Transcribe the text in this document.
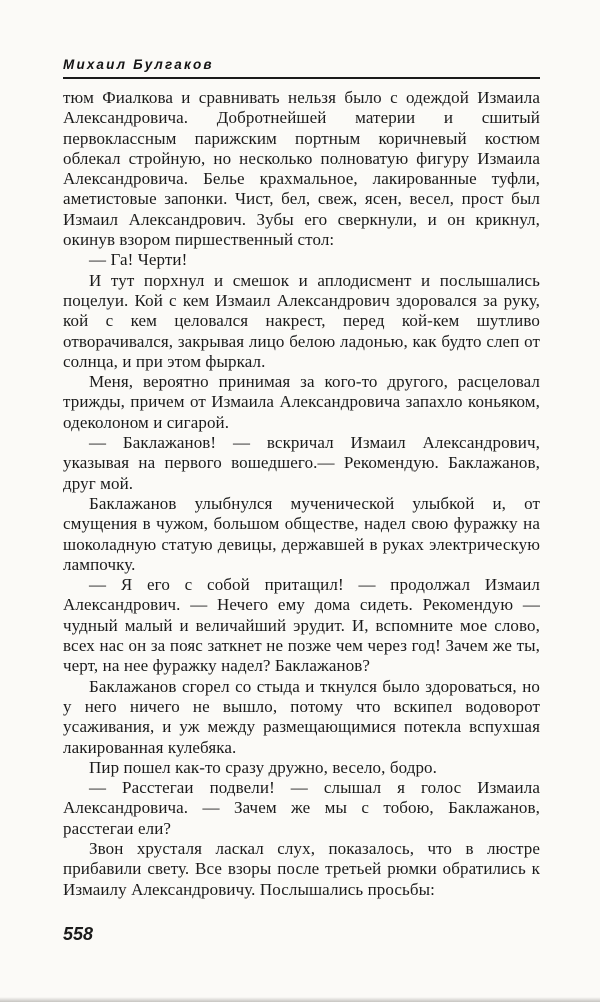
Михаил Булгаков

тюм Фиалкова и сравнивать нельзя было с одеждой Измаила Александровича. Добротнейшей материи и сшитый первоклассным парижским портным коричневый костюм облекал стройную, но несколько полноватую фигуру Измаила Александровича. Белье крахмальное, лакированные туфли, аметистовые запонки. Чист, бел, свеж, ясен, весел, прост был Измаил Александрович. Зубы его сверкнули, и он крикнул, окинув взором пиршественный стол:

— Га! Черти!

И тут порхнул и смешок и аплодисмент и послышались поцелуи. Кой с кем Измаил Александрович здоровался за руку, кой с кем целовался накрест, перед кой-кем шутливо отворачивался, закрывая лицо белою ладонью, как будто слеп от солнца, и при этом фыркал.

Меня, вероятно принимая за кого-то другого, расцеловал трижды, причем от Измаила Александровича запахло коньяком, одеколоном и сигарой.

— Баклажанов! — вскричал Измаил Александрович, указывая на первого вошедшего.— Рекомендую. Баклажанов, друг мой.

Баклажанов улыбнулся мученической улыбкой и, от смущения в чужом, большом обществе, надел свою фуражку на шоколадную статую девицы, державшей в руках электрическую лампочку.

— Я его с собой притащил! — продолжал Измаил Александрович. — Нечего ему дома сидеть. Рекомендую — чудный малый и величайший эрудит. И, вспомните мое слово, всех нас он за пояс заткнет не позже чем через год! Зачем же ты, черт, на нее фуражку надел? Баклажанов?

Баклажанов сгорел со стыда и ткнулся было здороваться, но у него ничего не вышло, потому что вскипел водоворот усаживания, и уж между размещающимися потекла вспухшая лакированная кулебяка.

Пир пошел как-то сразу дружно, весело, бодро.

— Расстегаи подвели! — слышал я голос Измаила Александровича. — Зачем же мы с тобою, Баклажанов, расстегаи ели?

Звон хрусталя ласкал слух, показалось, что в люстре прибавили свету. Все взоры после третьей рюмки обратились к Измаилу Александровичу. Послышались просьбы:

558
